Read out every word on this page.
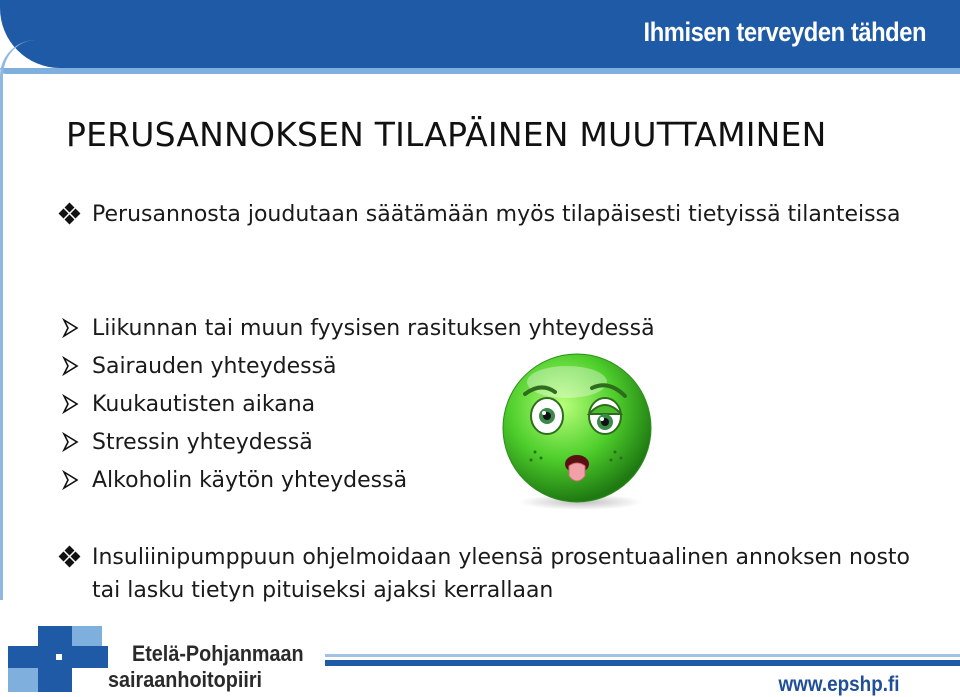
Ihmisen terveyden tähden
PERUSANNOKSEN TILAPÄINEN MUUTTAMINEN
Perusannosta joudutaan säätämään myös tilapäisesti tietyissä tilanteissa
Liikunnan tai muun fyysisen rasituksen yhteydessä
Sairauden yhteydessä
Kuukautisten aikana
Stressin yhteydessä
Alkoholin käytön yhteydessä
Insuliinipumppuun ohjelmoidaan yleensä prosentuaalinen annoksen nosto tai lasku tietyn pituiseksi ajaksi kerrallaan
Etelä-Pohjanmaan
sairaanhoitopiiri	www.epshp.fi
